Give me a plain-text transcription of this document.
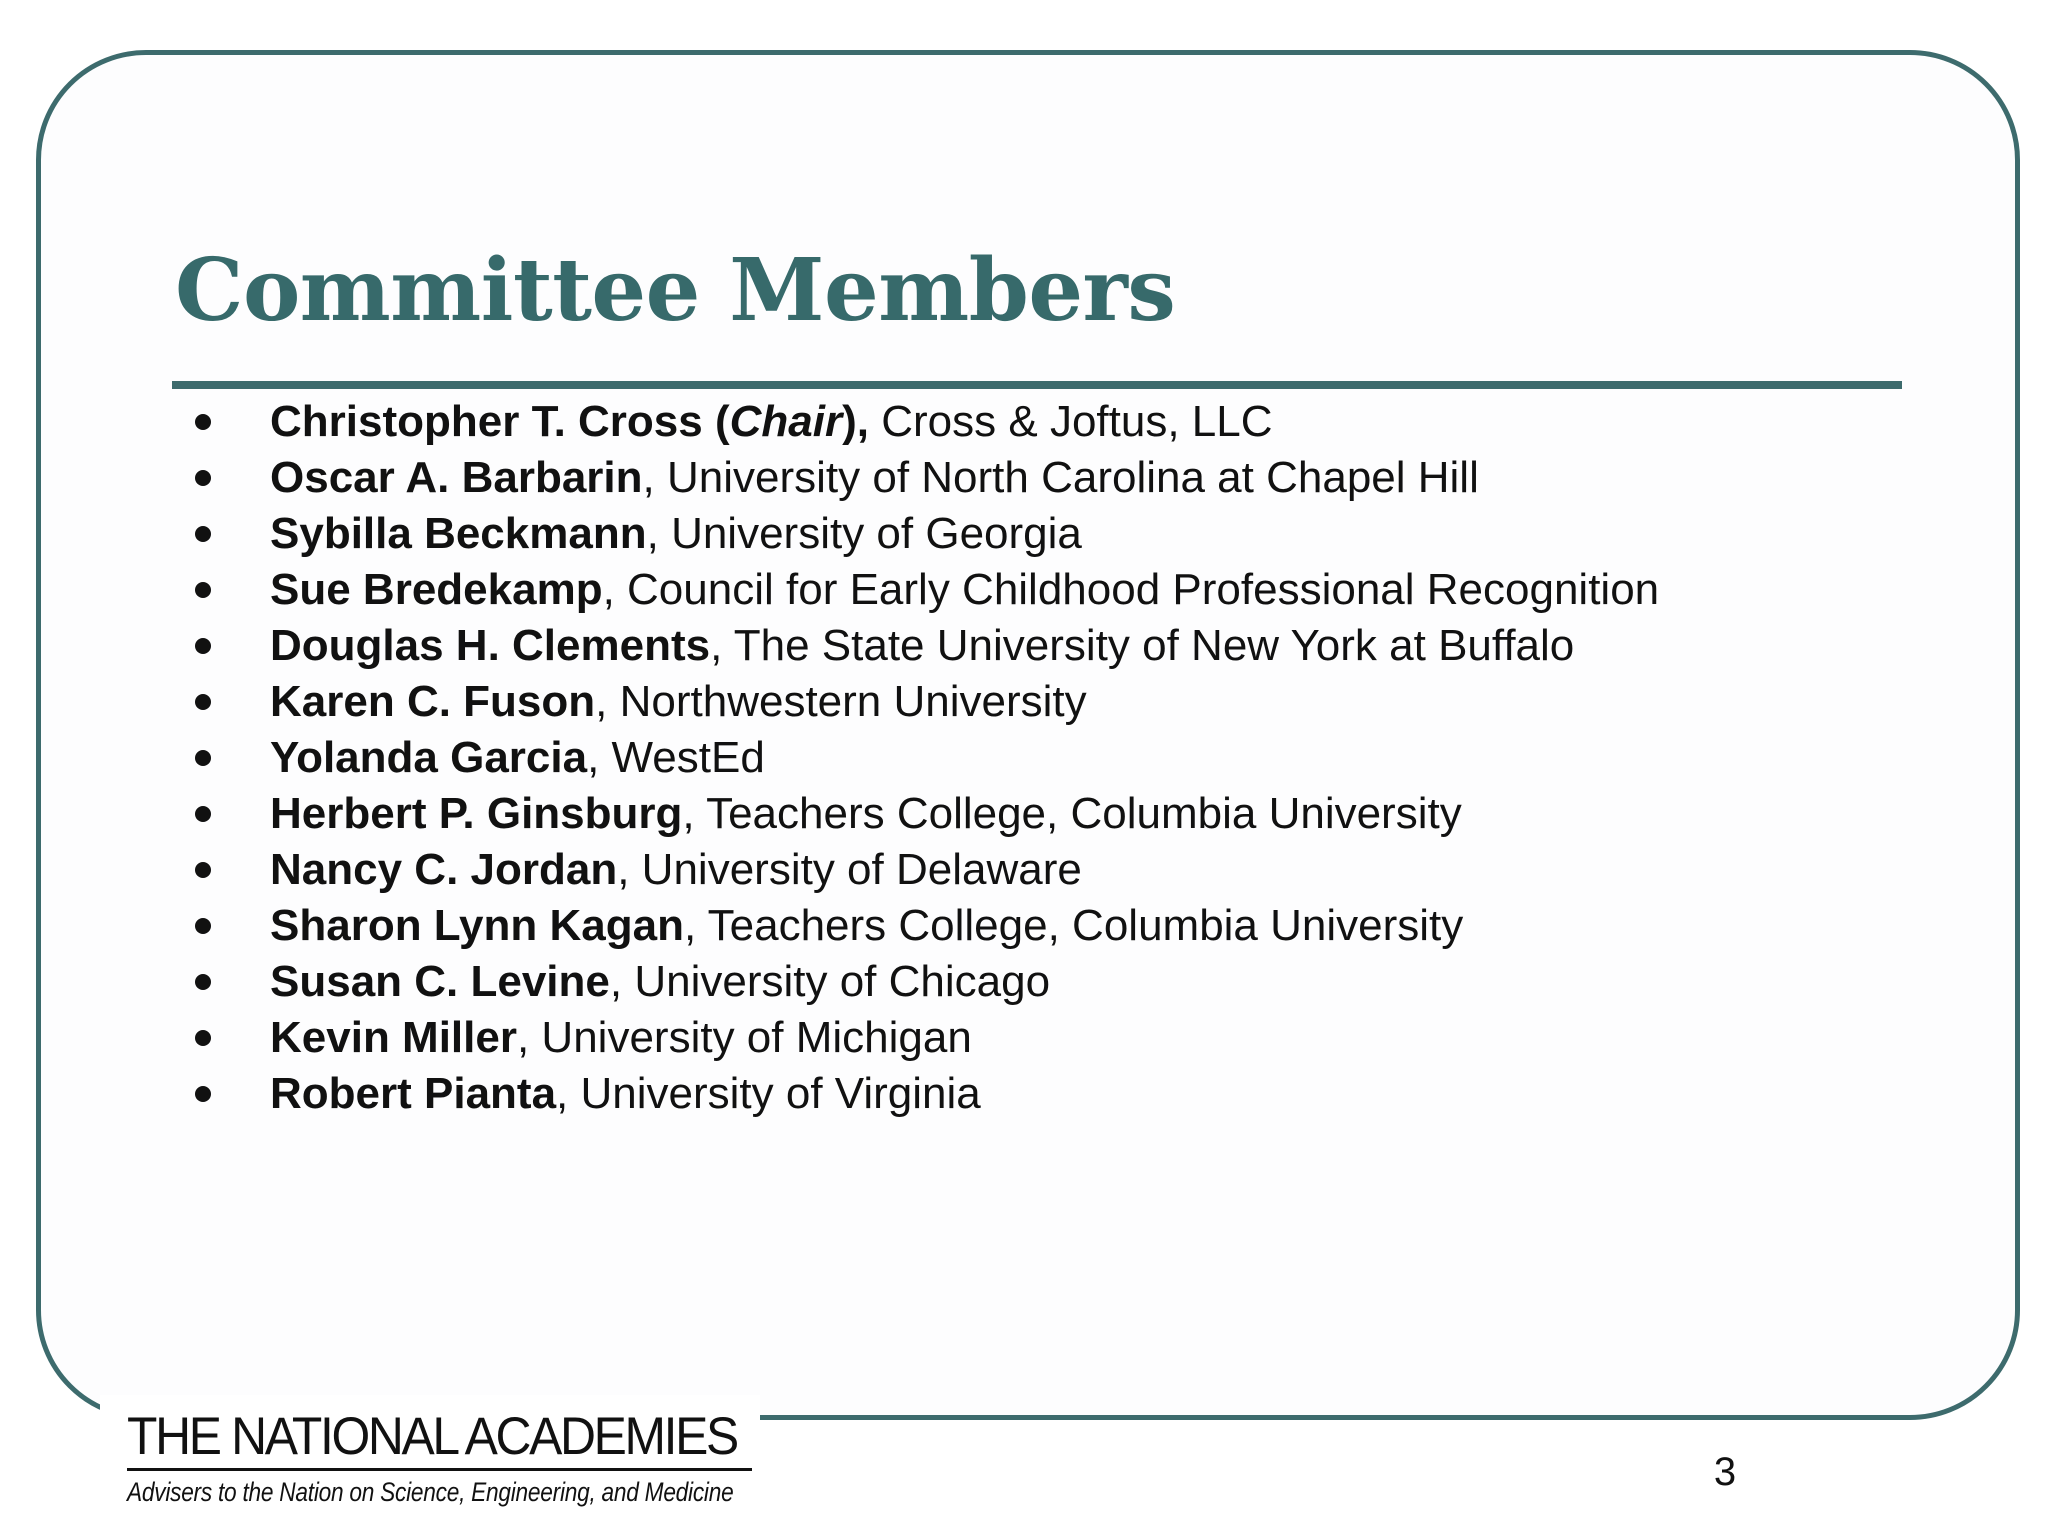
Committee Members
Christopher T. Cross (Chair), Cross & Joftus, LLC
Oscar A. Barbarin, University of North Carolina at Chapel Hill
Sybilla Beckmann, University of Georgia
Sue Bredekamp, Council for Early Childhood Professional Recognition
Douglas H. Clements, The State University of New York at Buffalo
Karen C. Fuson, Northwestern University
Yolanda Garcia, WestEd
Herbert P. Ginsburg, Teachers College, Columbia University
Nancy C. Jordan, University of Delaware
Sharon Lynn Kagan, Teachers College, Columbia University
Susan C. Levine, University of Chicago
Kevin Miller, University of Michigan
Robert Pianta, University of Virginia
THE NATIONAL ACADEMIES
Advisers to the Nation on Science, Engineering, and Medicine	3
